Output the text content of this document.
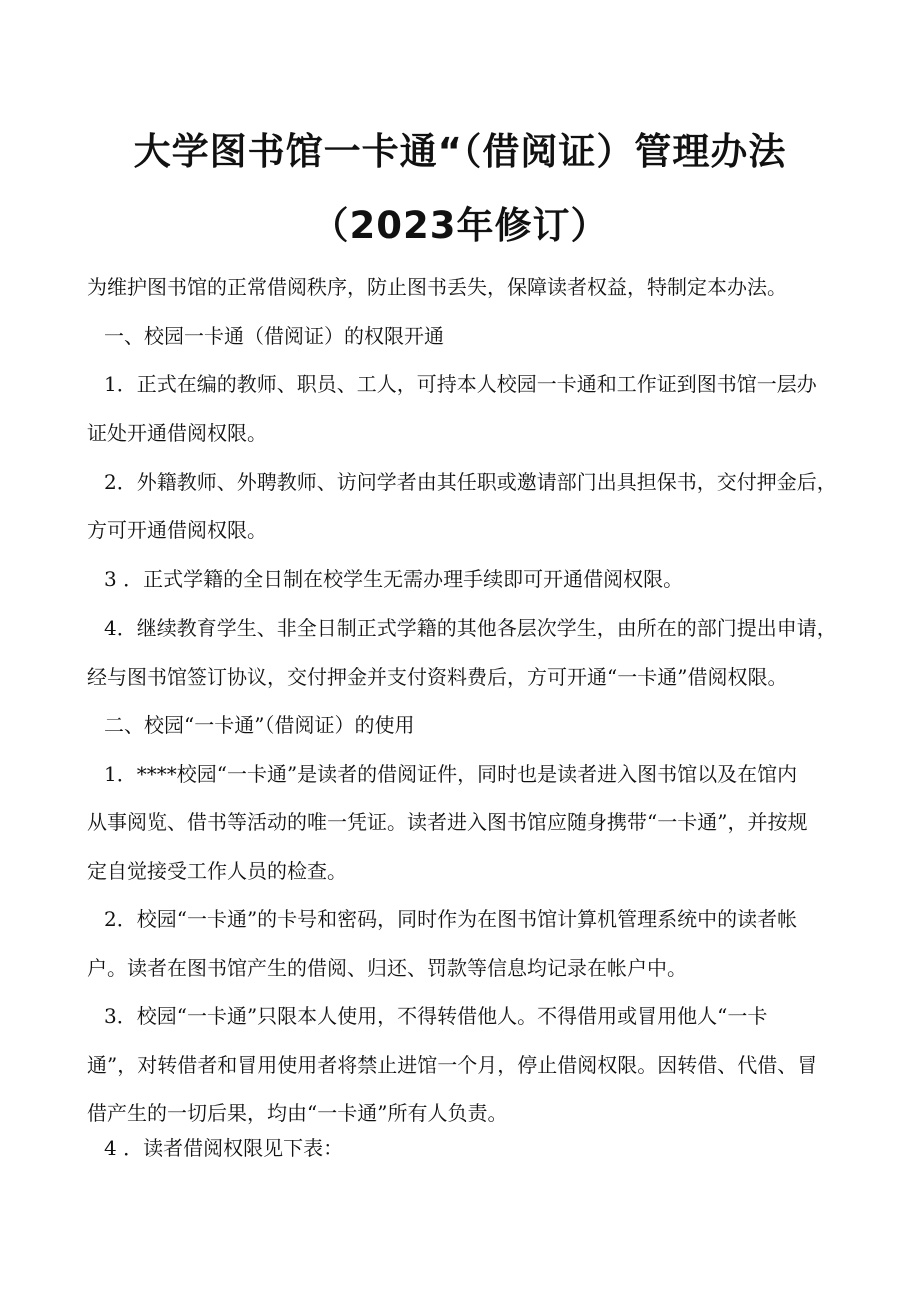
大学图书馆一卡通“（借阅证）管理办法
（2023年修订）
为维护图书馆的正常借阅秩序，防止图书丢失，保障读者权益，特制定本办法。
一、校园一卡通（借阅证）的权限开通
1．正式在编的教师、职员、工人，可持本人校园一卡通和工作证到图书馆一层办
证处开通借阅权限。
2．外籍教师、外聘教师、访问学者由其任职或邀请部门出具担保书，交付押金后，
方可开通借阅权限。
3 ．正式学籍的全日制在校学生无需办理手续即可开通借阅权限。
4．继续教育学生、非全日制正式学籍的其他各层次学生，由所在的部门提出申请，
经与图书馆签订协议，交付押金并支付资料费后，方可开通“一卡通”借阅权限。
二、校园“一卡通”（借阅证）的使用
1．****校园“一卡通”是读者的借阅证件，同时也是读者进入图书馆以及在馆内
从事阅览、借书等活动的唯一凭证。读者进入图书馆应随身携带“一卡通”，并按规
定自觉接受工作人员的检查。
2．校园“一卡通”的卡号和密码，同时作为在图书馆计算机管理系统中的读者帐
户。读者在图书馆产生的借阅、归还、罚款等信息均记录在帐户中。
3．校园“一卡通”只限本人使用，不得转借他人。不得借用或冒用他人“一卡
通”，对转借者和冒用使用者将禁止进馆一个月，停止借阅权限。因转借、代借、冒
借产生的一切后果，均由“一卡通”所有人负责。
4 ．读者借阅权限见下表：
